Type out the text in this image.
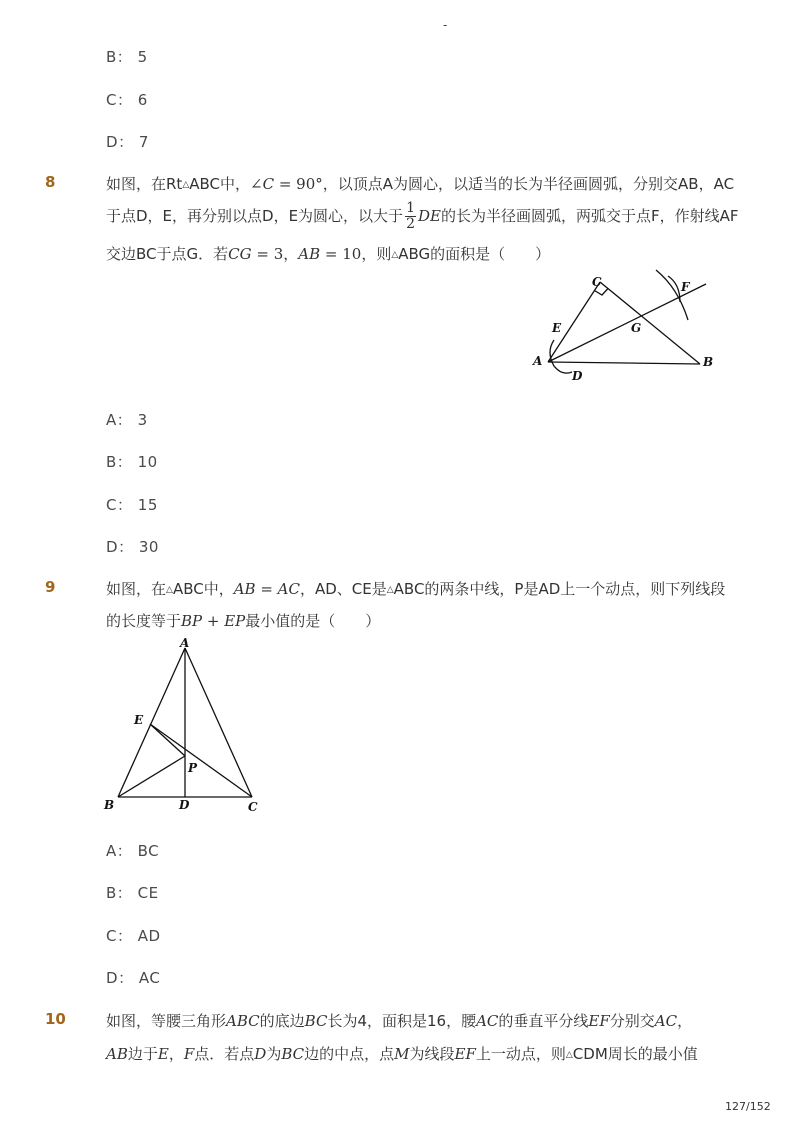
-
B： 5
C： 6
D： 7
8	如图，在Rt△ABC中，∠C = 90°，以顶点A为圆心，以适当的长为半径画圆弧，分别交AB，AC
于点D，E，再分别以点D，E为圆心，以大于 $\frac{1}{2}$ DE的长为半径画圆弧，两弧交于点F，作射线AF
交边BC于点G．若CG = 3，AB = 10，则△ABG的面积是（　　）
C	F
E	G
A	B
D
A： 3
B： 10
C： 15
D： 30
9	如图，在△ABC中，AB = AC，AD、CE是△ABC的两条中线，P是AD上一个动点，则下列线段
的长度等于BP + EP最小值的是（　　）
A
E
P
B	D	C
A： BC
B： CE
C： AD
D： AC
10	如图，等腰三角形ABC的底边BC长为4，面积是16，腰AC的垂直平分线EF分别交AC，
AB边于E，F点．若点D为BC边的中点，点M为线段EF上一动点，则△CDM周长的最小值
127/152
